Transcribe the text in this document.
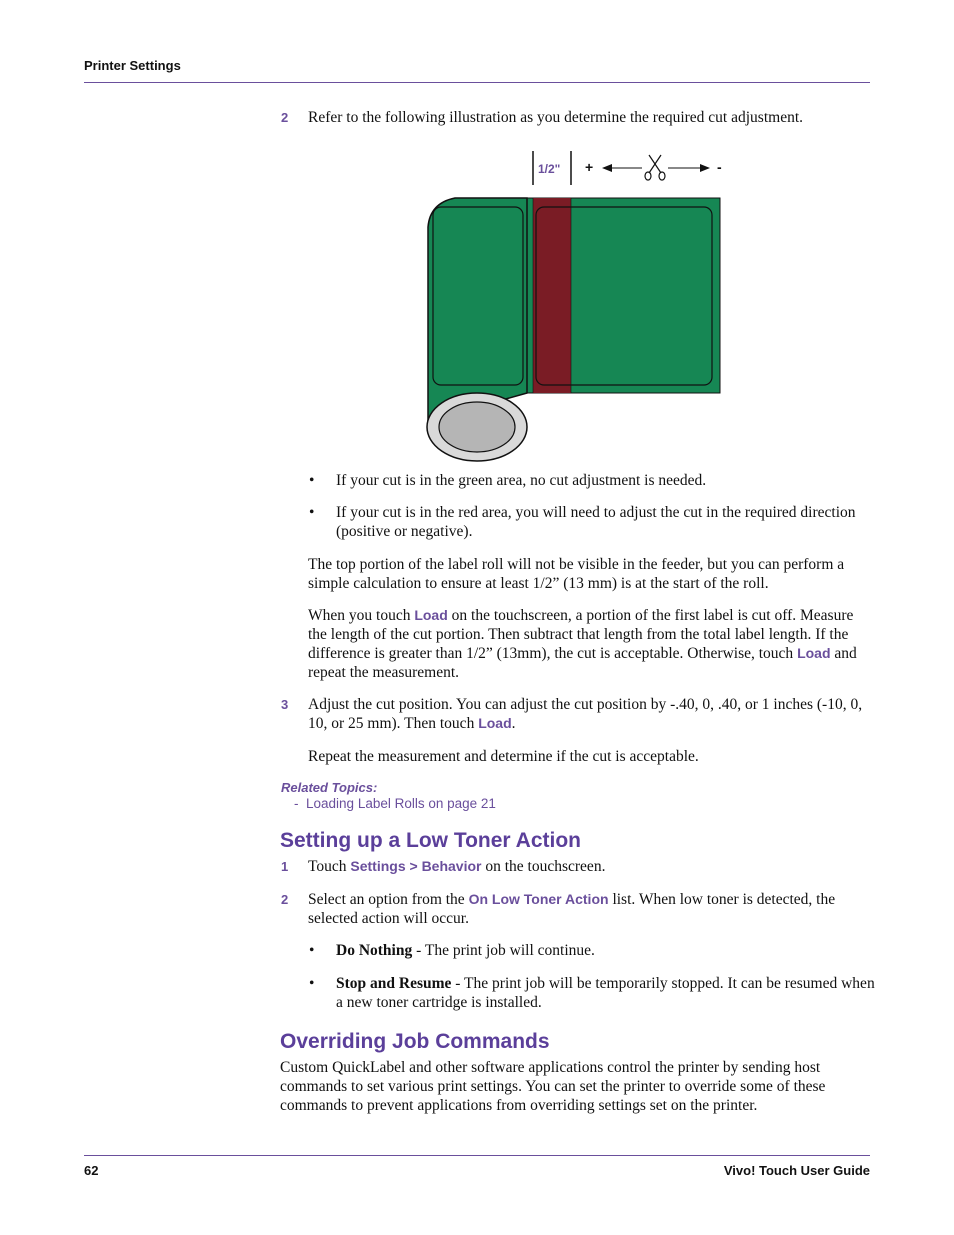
Printer Settings
2 Refer to the following illustration as you determine the required cut adjustment.
1/2" +	-
• If your cut is in the green area, no cut adjustment is needed.
• If your cut is in the red area, you will need to adjust the cut in the required direction (positive or negative).
The top portion of the label roll will not be visible in the feeder, but you can perform a simple calculation to ensure at least 1/2” (13 mm) is at the start of the roll.
When you touch Load on the touchscreen, a portion of the first label is cut off. Measure the length of the cut portion. Then subtract that length from the total label length. If the difference is greater than 1/2” (13mm), the cut is acceptable. Otherwise, touch Load and repeat the measurement.
3 Adjust the cut position. You can adjust the cut position by -.40, 0, .40, or 1 inches (-10, 0, 10, or 25 mm). Then touch Load.
Repeat the measurement and determine if the cut is acceptable.
Related Topics:
- Loading Label Rolls on page 21
Setting up a Low Toner Action
1 Touch Settings > Behavior on the touchscreen.
2 Select an option from the On Low Toner Action list. When low toner is detected, the selected action will occur.
• Do Nothing - The print job will continue.
• Stop and Resume - The print job will be temporarily stopped. It can be resumed when a new toner cartridge is installed.
Overriding Job Commands
Custom QuickLabel and other software applications control the printer by sending host commands to set various print settings. You can set the printer to override some of these commands to prevent applications from overriding settings set on the printer.
62	Vivo! Touch User Guide
